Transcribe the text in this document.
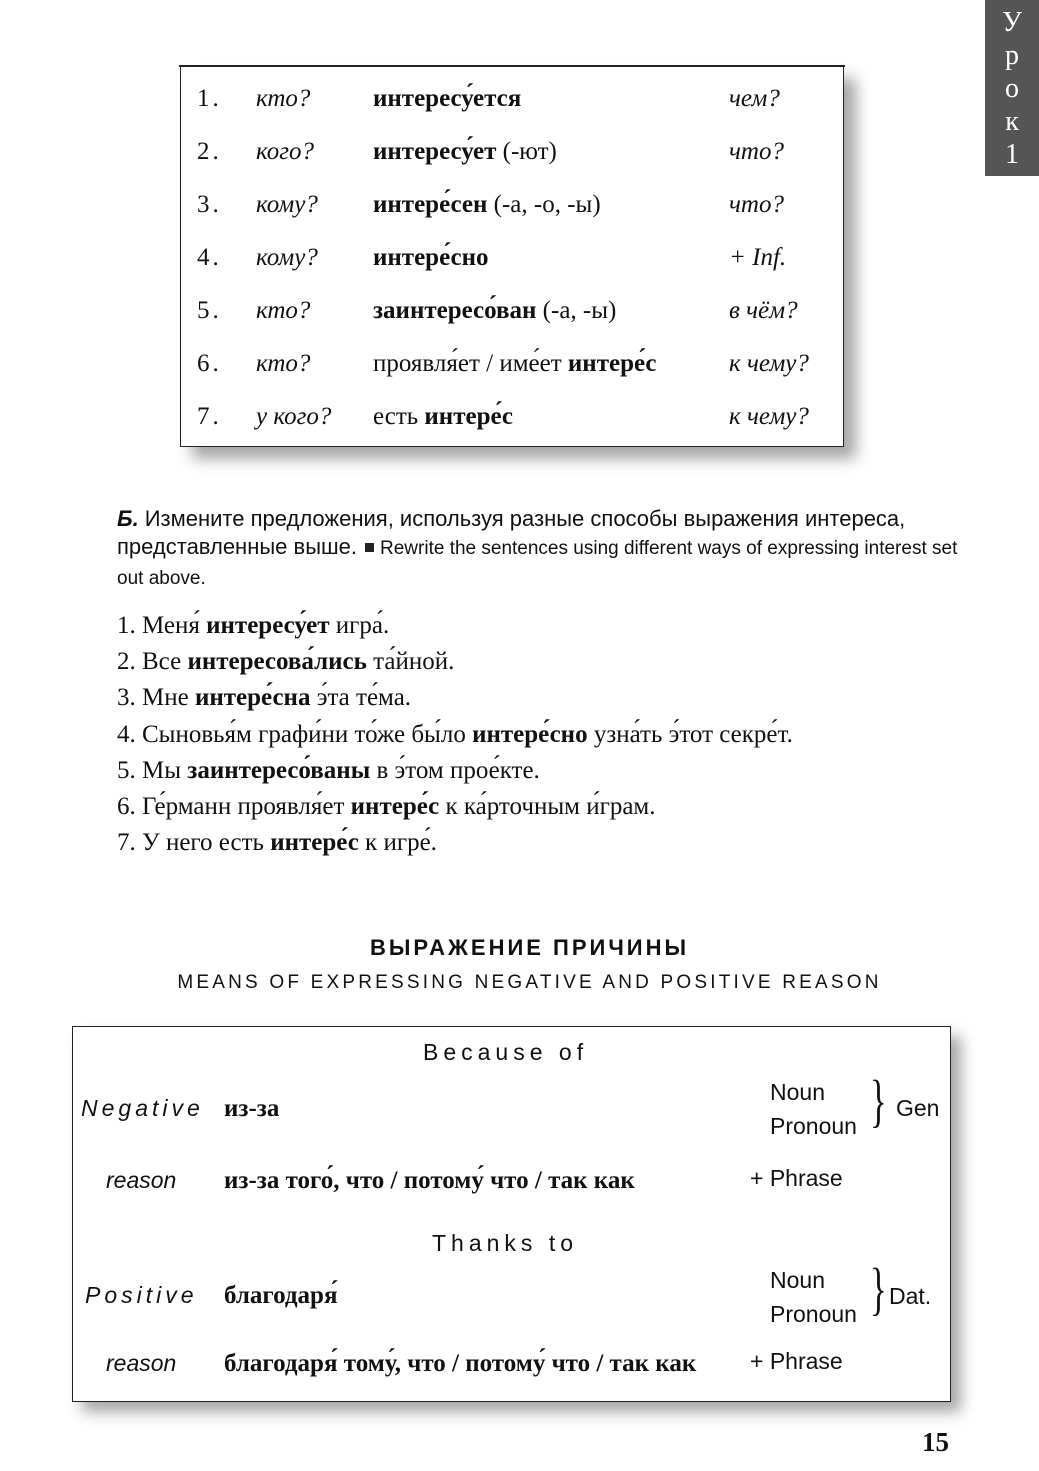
У
р
о
к
1
1. кто?	интересу́ется	чем?
2. кого? интересу́ет (-ют)	что?
3. кому? интере́сен (-а, -о, -ы)	что?
4. кому? интере́сно	+ Inf.
5. кто?	заинтересо́ван (-а, -ы)	в чём?
6. кто?	проявля́ет / име́ет интере́с	к чему?
7. у кого? есть интере́с	к чему?
Б. Измените предложения, используя разные способы выражения интереса, представленные выше. Rewrite the sentences using different ways of expressing interest set out above.
1. Меня́ интересу́ет игра́.
2. Все интересова́лись та́йной.
3. Мне интере́сна э́та те́ма.
4. Сыновья́м графи́ни то́же бы́ло интере́сно узна́ть э́тот секре́т.
5. Мы заинтересо́ваны в э́том прое́кте.
6. Ге́рманн проявля́ет интере́с к ка́рточным и́грам.
7. У него есть интере́с к игре́.
ВЫРАЖЕНИЕ ПРИЧИНЫ
MEANS OF EXPRESSING NEGATIVE AND POSITIVE REASON
Because of
Negative из-за
Noun
Pronoun } Gen
reason из-за того́, что / потому́ что / так как	+ Phrase
Thanks to
Positive благодаря́
Noun
Pronoun } Dat.
reason благодаря́ тому́, что / потому́ что / так как + Phrase
15
